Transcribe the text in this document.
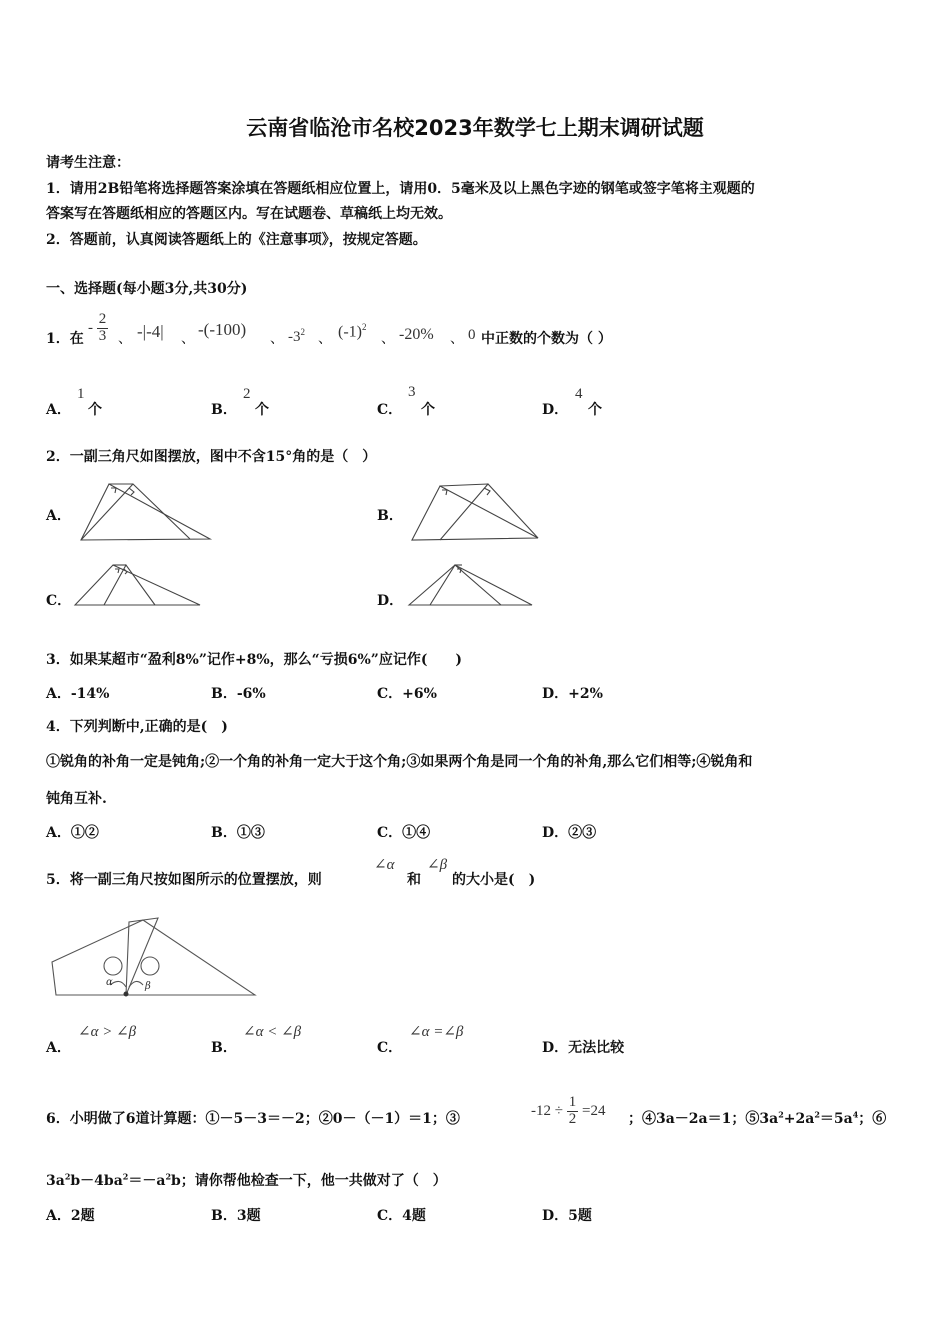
云南省临沧市名校2023年数学七上期末调研试题
请考生注意：
1．请用2B铅笔将选择题答案涂填在答题纸相应位置上，请用0．5毫米及以上黑色字迹的钢笔或签字笔将主观题的
答案写在答题纸相应的答题区内。写在试题卷、草稿纸上均无效。
2．答题前，认真阅读答题纸上的《注意事项》，按规定答题。
一、选择题(每小题3分,共30分)
1．在
- $\frac{2}{3}$ 、 -|-4| 、 -(-100) 、 $-3^2$ 、 $(-1)^2$
、 -20% 、 0 中正数的个数为（ ）
A．
1
个	B．
2
个	C．
3
个	D．
4
个
2．一副三角尺如图摆放，图中不含15°角的是（　）
A．	B．
C．	D．
3．如果某超市“盈利8%”记作+8%，那么“亏损6%”应记作(　　)
A．-14%	B．-6%	C．+6%	D．+2%
4．下列判断中,正确的是(　)
①锐角的补角一定是钝角;②一个角的补角一定大于这个角;③如果两个角是同一个角的补角,那么它们相等;④锐角和
钝角互补.
A．①②	B．①③	C．①④	D．②③
5．将一副三角尺按如图所示的位置摆放，则
∠α
和
∠β
的大小是(　)
α	β
A．
∠α > ∠β
B．
∠α < ∠β
C．
∠α =∠β
D．无法比较
6．小明做了6道计算题：①－5－3＝－2；②0－（－1）＝1；③
$-12 \div \frac{1}{2} =24$
；④3a－2a＝1；$⑤3a^2+2a^2=5a^4$；⑥
$3a^2b-4ba^2=-a^2b$；请你帮他检查一下，他一共做对了（　）
A．2题	B．3题	C．4题	D．5题
